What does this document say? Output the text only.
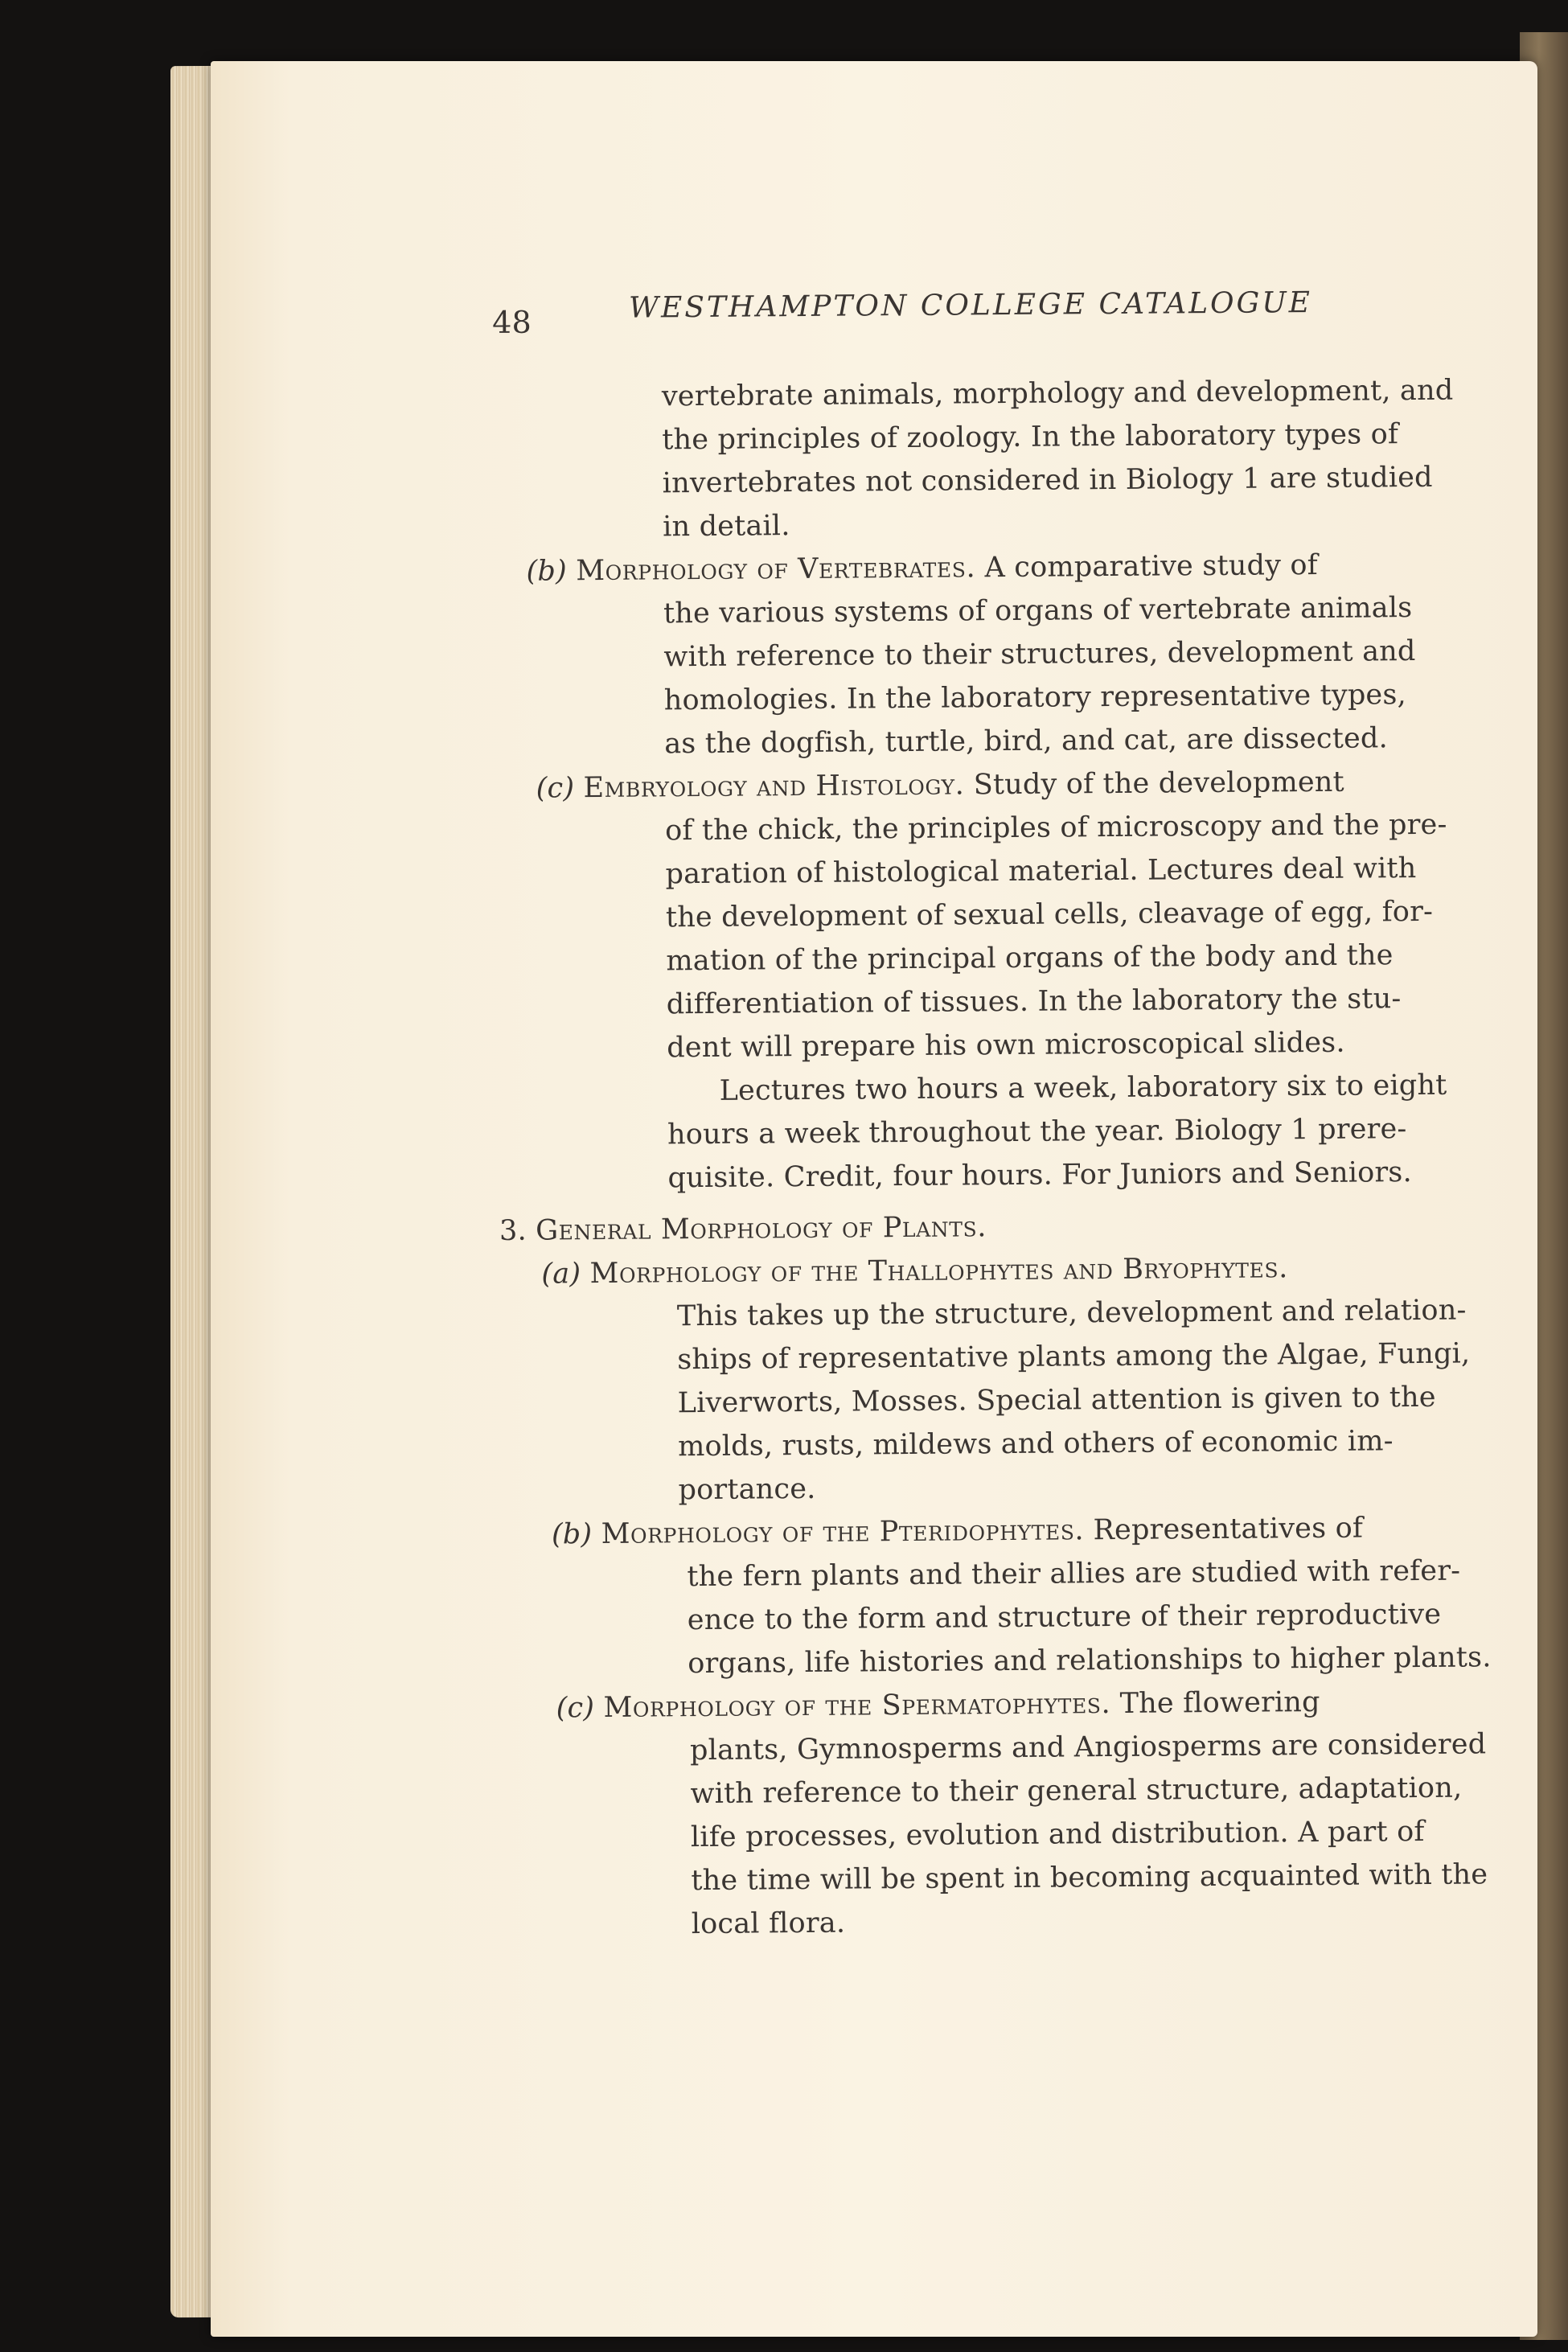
48	WESTHAMPTON COLLEGE CATALOGUE
vertebrate animals, morphology and development, and
the principles of zoology. In the laboratory types of
invertebrates not considered in Biology 1 are studied
in detail.
(b) Morphology of Vertebrates. A comparative study of
the various systems of organs of vertebrate animals
with reference to their structures, development and
homologies. In the laboratory representative types,
as the dogfish, turtle, bird, and cat, are dissected.
(c) Embryology and Histology. Study of the development
of the chick, the principles of microscopy and the pre-
paration of histological material. Lectures deal with
the development of sexual cells, cleavage of egg, for-
mation of the principal organs of the body and the
differentiation of tissues. In the laboratory the stu-
dent will prepare his own microscopical slides.
Lectures two hours a week, laboratory six to eight
hours a week throughout the year. Biology 1 prere-
quisite. Credit, four hours. For Juniors and Seniors.
3. General Morphology of Plants.
(a) Morphology of the Thallophytes and Bryophytes.
This takes up the structure, development and relation-
ships of representative plants among the Algae, Fungi,
Liverworts, Mosses. Special attention is given to the
molds, rusts, mildews and others of economic im-
portance.
(b) Morphology of the Pteridophytes. Representatives of
the fern plants and their allies are studied with refer-
ence to the form and structure of their reproductive
organs, life histories and relationships to higher plants.
(c) Morphology of the Spermatophytes. The flowering
plants, Gymnosperms and Angiosperms are considered
with reference to their general structure, adaptation,
life processes, evolution and distribution. A part of
the time will be spent in becoming acquainted with the
local flora.
